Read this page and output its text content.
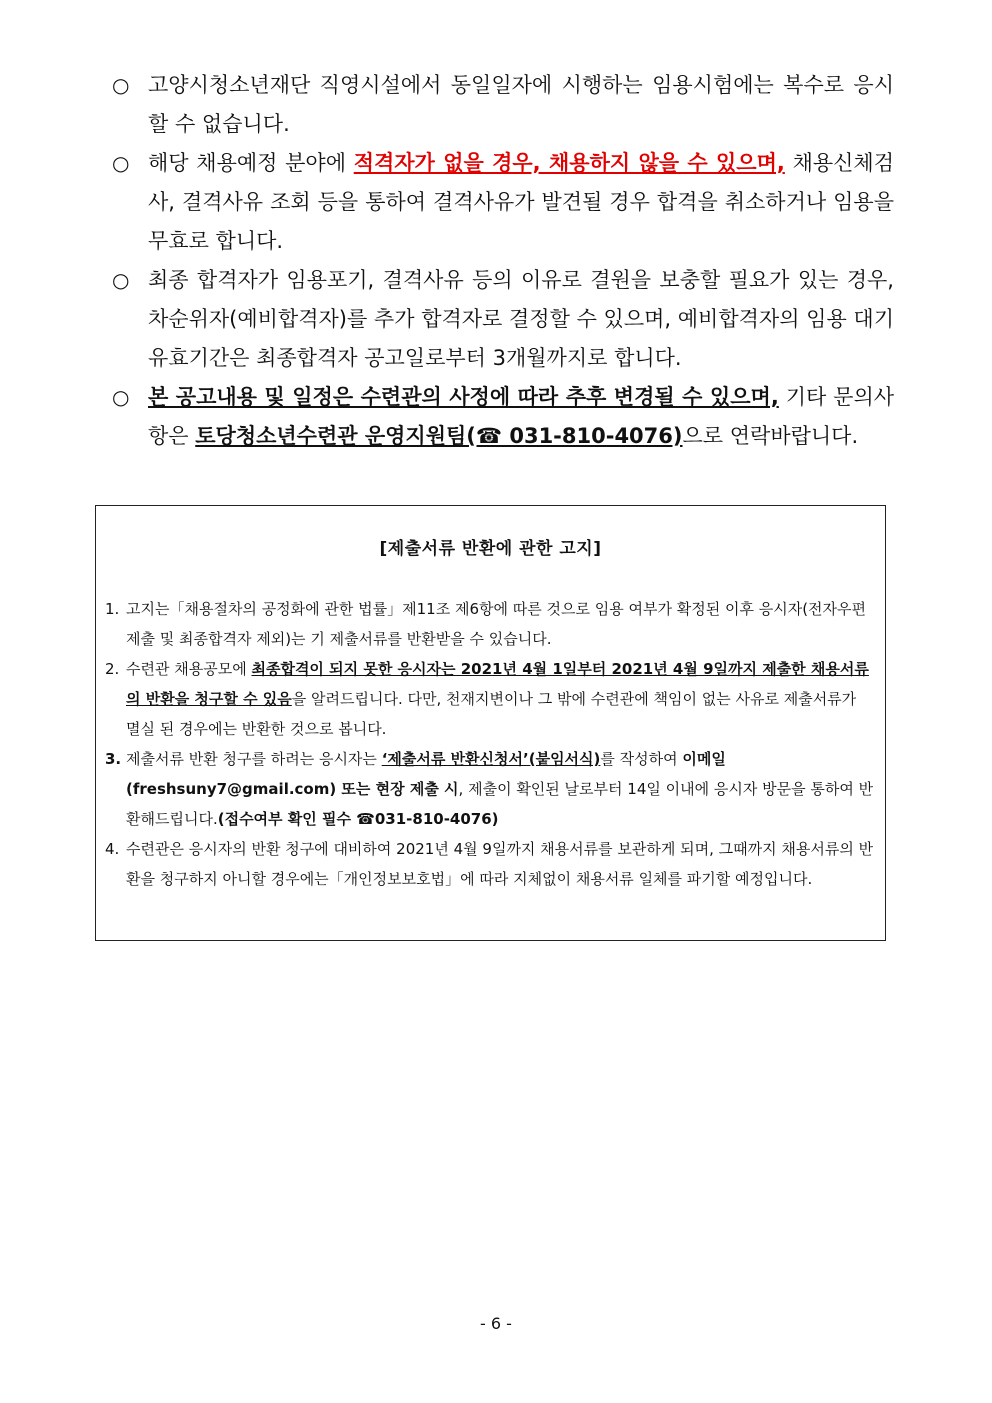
○ 고양시청소년재단 직영시설에서 동일일자에 시행하는 임용시험에는 복수로 응시할 수 없습니다.
○ 해당 채용예정 분야에 적격자가 없을 경우, 채용하지 않을 수 있으며, 채용신체검사, 결격사유 조회 등을 통하여 결격사유가 발견될 경우 합격을 취소하거나 임용을 무효로 합니다.
○ 최종 합격자가 임용포기, 결격사유 등의 이유로 결원을 보충할 필요가 있는 경우, 차순위자(예비합격자)를 추가 합격자로 결정할 수 있으며, 예비합격자의 임용 대기 유효기간은 최종합격자 공고일로부터 3개월까지로 합니다.
○ 본 공고내용 및 일정은 수련관의 사정에 따라 추후 변경될 수 있으며, 기타 문의사항은 토당청소년수련관 운영지원팀(☎ 031-810-4076)으로 연락바랍니다.
[제출서류 반환에 관한 고지]
1. 고지는「채용절차의 공정화에 관한 법률」제11조 제6항에 따른 것으로 임용 여부가 확정된 이후 응시자(전자우편 제출 및 최종합격자 제외)는 기 제출서류를 반환받을 수 있습니다.
2. 수련관 채용공모에 최종합격이 되지 못한 응시자는 2021년 4월 1일부터 2021년 4월 9일까지 제출한 채용서류의 반환을 청구할 수 있음을 알려드립니다. 다만, 천재지변이나 그 밖에 수련관에 책임이 없는 사유로 제출서류가 멸실 된 경우에는 반환한 것으로 봅니다.
3. 제출서류 반환 청구를 하려는 응시자는 ‘제출서류 반환신청서’(붙임서식)를 작성하여 이메일(freshsuny7@gmail.com) 또는 현장 제출 시, 제출이 확인된 날로부터 14일 이내에 응시자 방문을 통하여 반환해드립니다.(접수여부 확인 필수 ☎031-810-4076)
4. 수련관은 응시자의 반환 청구에 대비하여 2021년 4월 9일까지 채용서류를 보관하게 되며, 그때까지 채용서류의 반환을 청구하지 아니할 경우에는「개인정보보호법」에 따라 지체없이 채용서류 일체를 파기할 예정입니다.
- 6 -
